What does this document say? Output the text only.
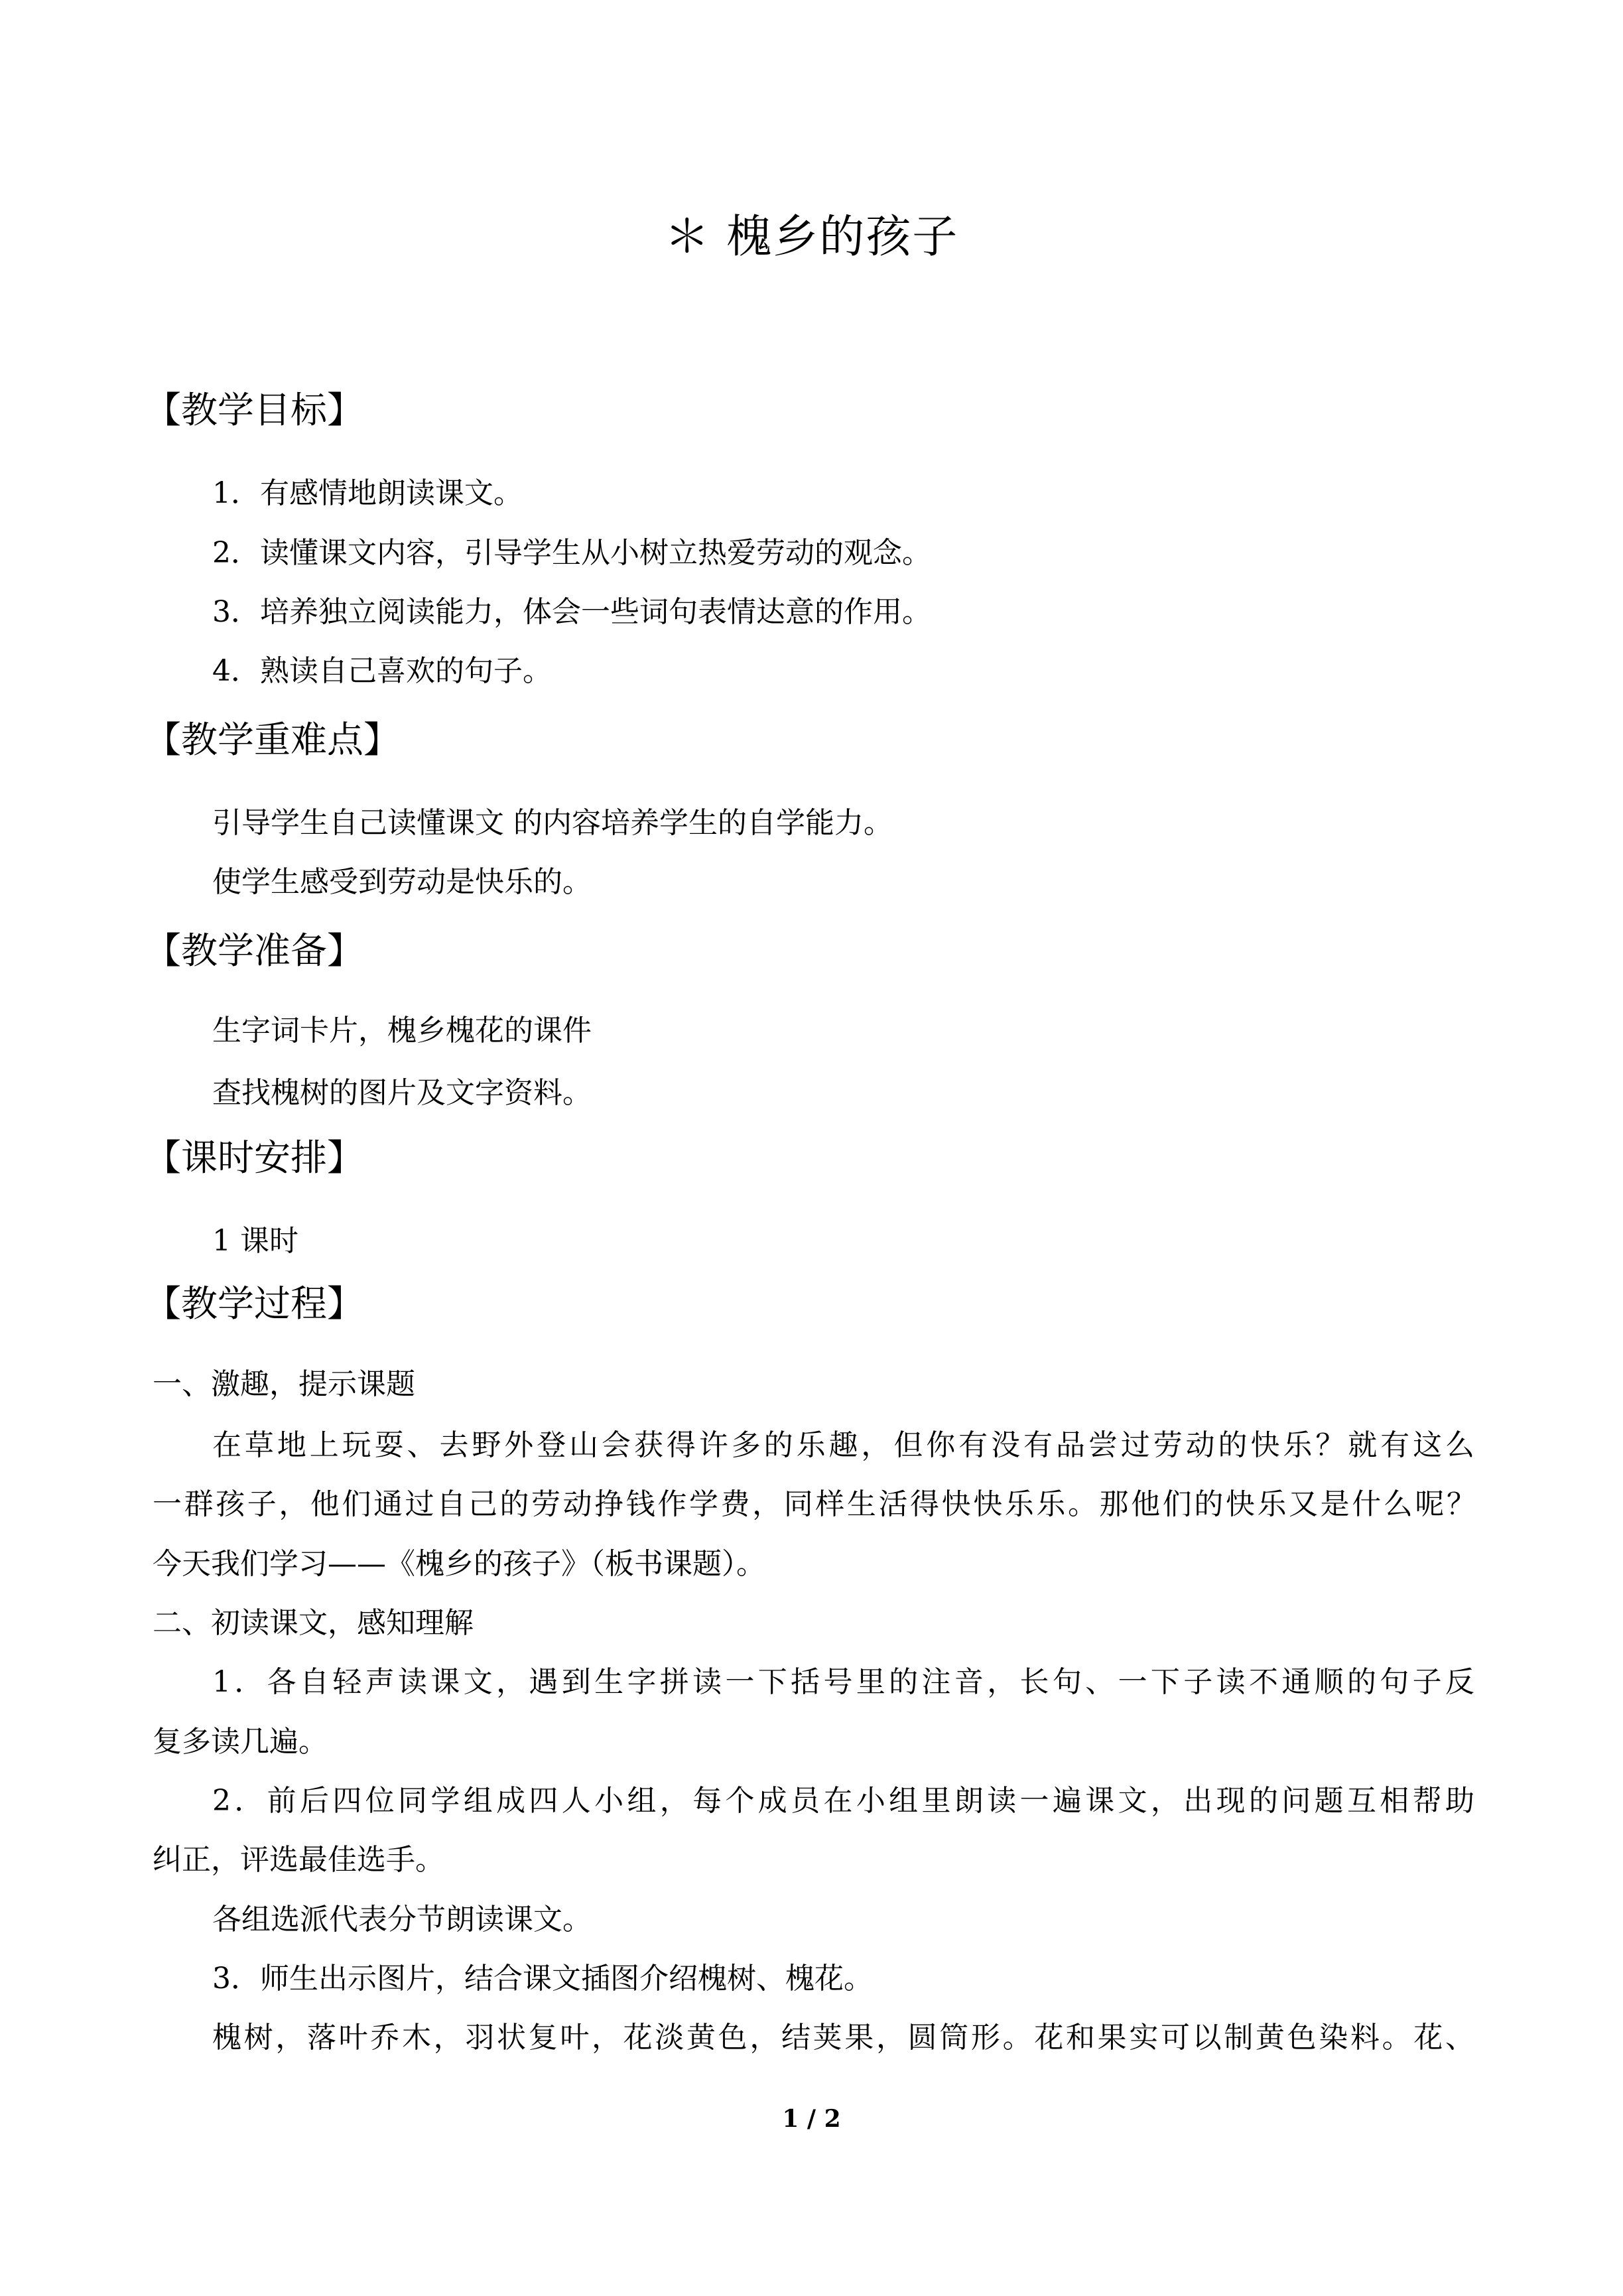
＊ 槐乡的孩子
【教学目标】
1．有感情地朗读课文。
2．读懂课文内容，引导学生从小树立热爱劳动的观念。
3．培养独立阅读能力，体会一些词句表情达意的作用。
4．熟读自己喜欢的句子。
【教学重难点】
引导学生自己读懂课文 的内容培养学生的自学能力。
使学生感受到劳动是快乐的。
【教学准备】
生字词卡片，槐乡槐花的课件
查找槐树的图片及文字资料。
【课时安排】
1 课时
【教学过程】
一、激趣，提示课题
在草地上玩耍、去野外登山会获得许多的乐趣，但你有没有品尝过劳动的快乐？就有这么
一群孩子，他们通过自己的劳动挣钱作学费，同样生活得快快乐乐。那他们的快乐又是什么呢？
今天我们学习——《槐乡的孩子》（板书课题）。
二、初读课文，感知理解
1．各自轻声读课文，遇到生字拼读一下括号里的注音，长句、一下子读不通顺的句子反
复多读几遍。
2．前后四位同学组成四人小组，每个成员在小组里朗读一遍课文，出现的问题互相帮助
纠正，评选最佳选手。
各组选派代表分节朗读课文。
3．师生出示图片，结合课文插图介绍槐树、槐花。
槐树，落叶乔木，羽状复叶，花淡黄色，结荚果，圆筒形。花和果实可以制黄色染料。花、
1 / 2
